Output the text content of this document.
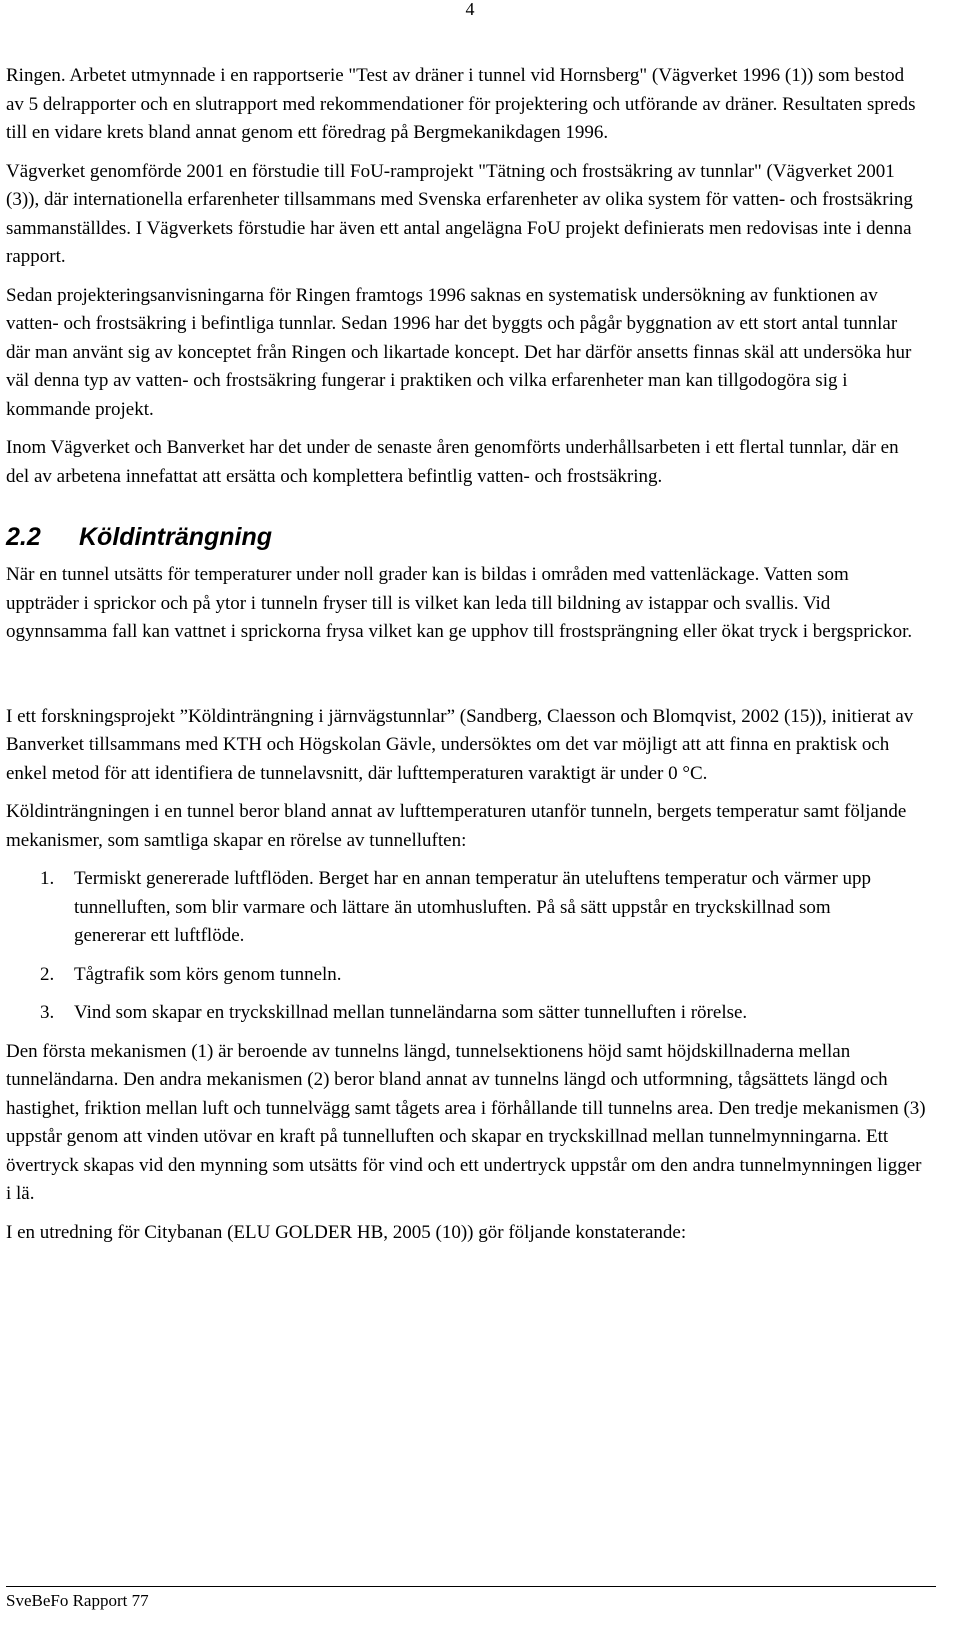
4

Ringen. Arbetet utmynnade i en rapportserie "Test av dräner i tunnel vid Hornsberg" (Vägverket 1996 (1)) som bestod av 5 delrapporter och en slutrapport med rekommendationer för projektering och utförande av dräner. Resultaten spreds till en vidare krets bland annat genom ett föredrag på Bergmekanikdagen 1996.

Vägverket genomförde 2001 en förstudie till FoU-ramprojekt "Tätning och frostsäkring av tunnlar" (Vägverket 2001 (3)), där internationella erfarenheter tillsammans med Svenska erfarenheter av olika system för vatten- och frostsäkring sammanställdes. I Vägverkets förstudie har även ett antal angelägna FoU projekt definierats men redovisas inte i denna rapport.

Sedan projekteringsanvisningarna för Ringen framtogs 1996 saknas en systematisk undersökning av funktionen av vatten- och frostsäkring i befintliga tunnlar. Sedan 1996 har det byggts och pågår byggnation av ett stort antal tunnlar där man använt sig av konceptet från Ringen och likartade koncept. Det har därför ansetts finnas skäl att undersöka hur väl denna typ av vatten- och frostsäkring fungerar i praktiken och vilka erfarenheter man kan tillgodogöra sig i kommande projekt.

Inom Vägverket och Banverket har det under de senaste åren genomförts underhållsarbeten i ett flertal tunnlar, där en del av arbetena innefattat att ersätta och komplettera befintlig vatten- och frostsäkring.

2.2	Köldinträngning

När en tunnel utsätts för temperaturer under noll grader kan is bildas i områden med vattenläckage. Vatten som uppträder i sprickor och på ytor i tunneln fryser till is vilket kan leda till bildning av istappar och svallis. Vid ogynnsamma fall kan vattnet i sprickorna frysa vilket kan ge upphov till frostsprängning eller ökat tryck i bergsprickor.

I ett forskningsprojekt ”Köldinträngning i järnvägstunnlar” (Sandberg, Claesson och Blomqvist, 2002 (15)), initierat av Banverket tillsammans med KTH och Högskolan Gävle, undersöktes om det var möjligt att att finna en praktisk och enkel metod för att identifiera de tunnelavsnitt, där lufttemperaturen varaktigt är under 0 °C.

Köldinträngningen i en tunnel beror bland annat av lufttemperaturen utanför tunneln, bergets temperatur samt följande mekanismer, som samtliga skapar en rörelse av tunnelluften:

1.	Termiskt genererade luftflöden. Berget har en annan temperatur än uteluftens temperatur och värmer upp tunnelluften, som blir varmare och lättare än utomhusluften. På så sätt uppstår en tryckskillnad som genererar ett luftflöde.
2.	Tågtrafik som körs genom tunneln.
3.	Vind som skapar en tryckskillnad mellan tunneländarna som sätter tunnelluften i rörelse.

Den första mekanismen (1) är beroende av tunnelns längd, tunnelsektionens höjd samt höjdskillnaderna mellan tunneländarna. Den andra mekanismen (2) beror bland annat av tunnelns längd och utformning, tågsättets längd och hastighet, friktion mellan luft och tunnelvägg samt tågets area i förhållande till tunnelns area. Den tredje mekanismen (3) uppstår genom att vinden utövar en kraft på tunnelluften och skapar en tryckskillnad mellan tunnelmynningarna. Ett övertryck skapas vid den mynning som utsätts för vind och ett undertryck uppstår om den andra tunnelmynningen ligger i lä.

I en utredning för Citybanan (ELU GOLDER HB, 2005 (10)) gör följande konstaterande:

SveBeFo Rapport 77
